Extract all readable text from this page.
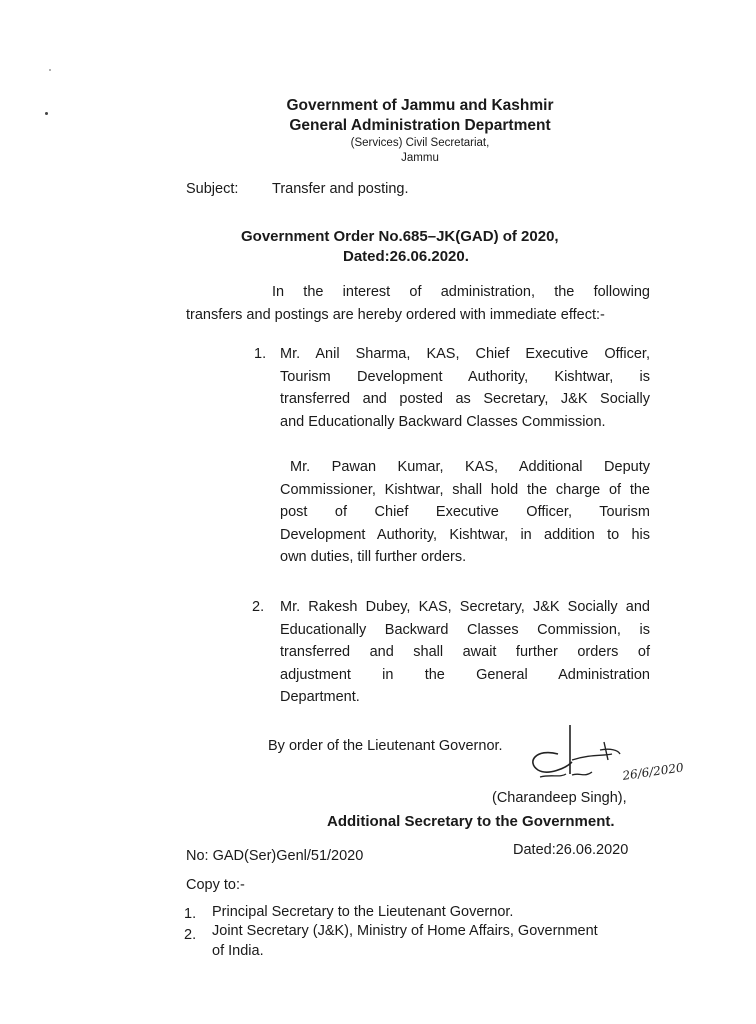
Government of Jammu and Kashmir
General Administration Department
(Services) Civil Secretariat,
Jammu
Subject: Transfer and posting.
Government Order No.685–JK(GAD) of 2020,
Dated:26.06.2020.
In the interest of administration, the following
transfers and postings are hereby ordered with immediate effect:-
1. Mr. Anil Sharma, KAS, Chief Executive Officer,
Tourism Development Authority, Kishtwar, is
transferred and posted as Secretary, J&K Socially
and Educationally Backward Classes Commission.
Mr. Pawan Kumar, KAS, Additional Deputy
Commissioner, Kishtwar, shall hold the charge of the
post of Chief Executive Officer, Tourism
Development Authority, Kishtwar, in addition to his
own duties, till further orders.
2. Mr. Rakesh Dubey, KAS, Secretary, J&K Socially and
Educationally Backward Classes Commission, is
transferred and shall await further orders of
adjustment in the General Administration
Department.
By order of the Lieutenant Governor.
26/6/2020
(Charandeep Singh),
Additional Secretary to the Government.
No: GAD(Ser)Genl/51/2020	Dated:26.06.2020
Copy to:-
1. Principal Secretary to the Lieutenant Governor.
2. Joint Secretary (J&K), Ministry of Home Affairs, Government
of India.
